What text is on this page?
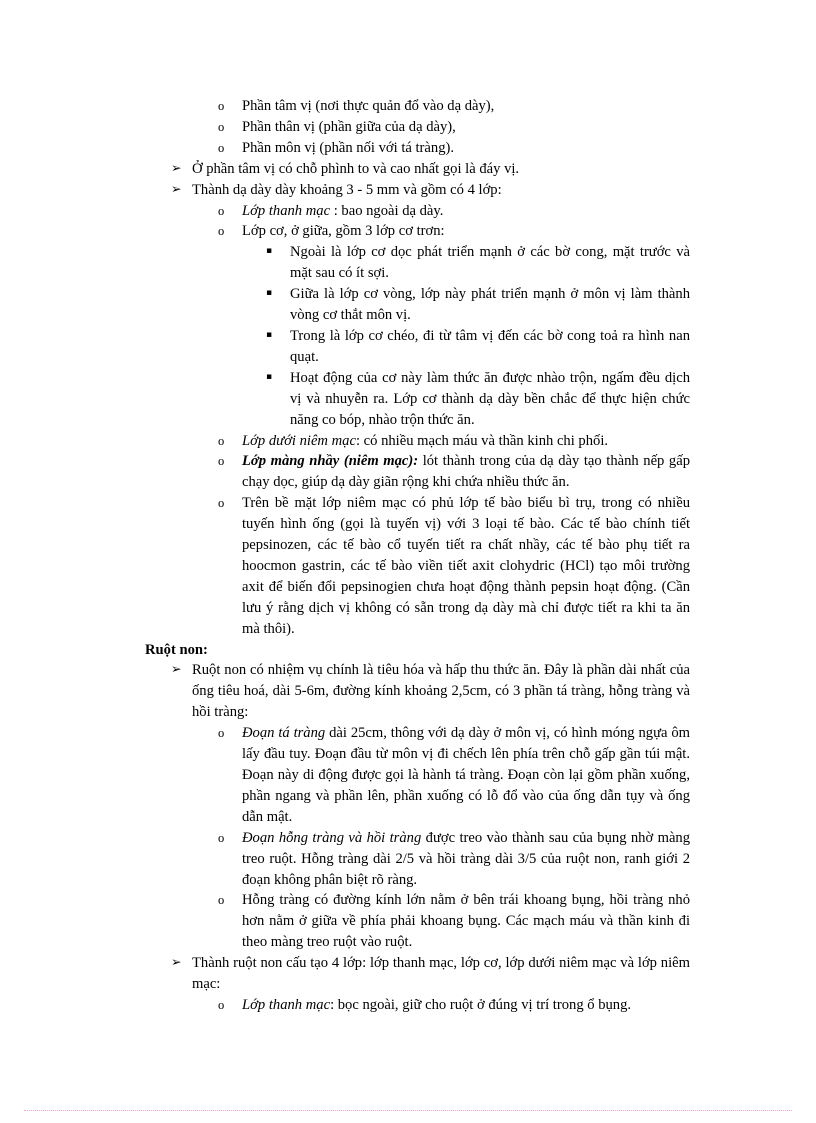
o Phần tâm vị (nơi thực quản đổ vào dạ dày),
o Phần thân vị (phần giữa của dạ dày),
o Phần môn vị (phần nối với tá tràng).
➢ Ở phần tâm vị có chỗ phình to và cao nhất gọi là đáy vị.
➢ Thành dạ dày dày khoảng 3 - 5 mm và gồm có 4 lớp:
o Lớp thanh mạc : bao ngoài dạ dày.
o Lớp cơ, ở giữa, gồm 3 lớp cơ trơn:
▪ Ngoài là lớp cơ dọc phát triển mạnh ở các bờ cong, mặt trước và mặt sau có ít sợi.
▪ Giữa là lớp cơ vòng, lớp này phát triển mạnh ở môn vị làm thành vòng cơ thắt môn vị.
▪ Trong là lớp cơ chéo, đi từ tâm vị đến các bờ cong toả ra hình nan quạt.
▪ Hoạt động của cơ này làm thức ăn được nhào trộn, ngấm đều dịch vị và nhuyễn ra. Lớp cơ thành dạ dày bền chắc để thực hiện chức năng co bóp, nhào trộn thức ăn.
o Lớp dưới niêm mạc: có nhiều mạch máu và thần kinh chi phối.
o Lớp màng nhầy (niêm mạc): lót thành trong của dạ dày tạo thành nếp gấp chạy dọc, giúp dạ dày giãn rộng khi chứa nhiều thức ăn.
o Trên bề mặt lớp niêm mạc có phủ lớp tế bào biểu bì trụ, trong có nhiều tuyến hình ống (gọi là tuyến vị) với 3 loại tế bào. Các tế bào chính tiết pepsinozen, các tế bào cổ tuyến tiết ra chất nhầy, các tế bào phụ tiết ra hoocmon gastrin, các tế bào viền tiết axit clohydric (HCl) tạo môi trường axit để biến đổi pepsinogien chưa hoạt động thành pepsin hoạt động. (Cần lưu ý rằng dịch vị không có sẵn trong dạ dày mà chỉ được tiết ra khi ta ăn mà thôi).
Ruột non:
➢ Ruột non có nhiệm vụ chính là tiêu hóa và hấp thu thức ăn. Đây là phần dài nhất của ống tiêu hoá, dài 5-6m, đường kính khoảng 2,5cm, có 3 phần tá tràng, hỗng tràng và hồi tràng:
o Đoạn tá tràng dài 25cm, thông với dạ dày ở môn vị, có hình móng ngựa ôm lấy đầu tuy. Đoạn đầu từ môn vị đi chếch lên phía trên chỗ gấp gần túi mật. Đoạn này di động được gọi là hành tá tràng. Đoạn còn lại gồm phần xuống, phần ngang và phần lên, phần xuống có lỗ đổ vào của ống dẫn tụy và ống dẫn mật.
o Đoạn hỗng tràng và hồi tràng được treo vào thành sau của bụng nhờ màng treo ruột. Hỗng tràng dài 2/5 và hồi tràng dài 3/5 của ruột non, ranh giới 2 đoạn không phân biệt rõ ràng.
o Hỗng tràng có đường kính lớn nằm ở bên trái khoang bụng, hồi tràng nhỏ hơn nằm ở giữa về phía phải khoang bụng. Các mạch máu và thần kinh đi theo màng treo ruột vào ruột.
➢ Thành ruột non cấu tạo 4 lớp: lớp thanh mạc, lớp cơ, lớp dưới niêm mạc và lớp niêm mạc:
o Lớp thanh mạc: bọc ngoài, giữ cho ruột ở đúng vị trí trong ổ bụng.
